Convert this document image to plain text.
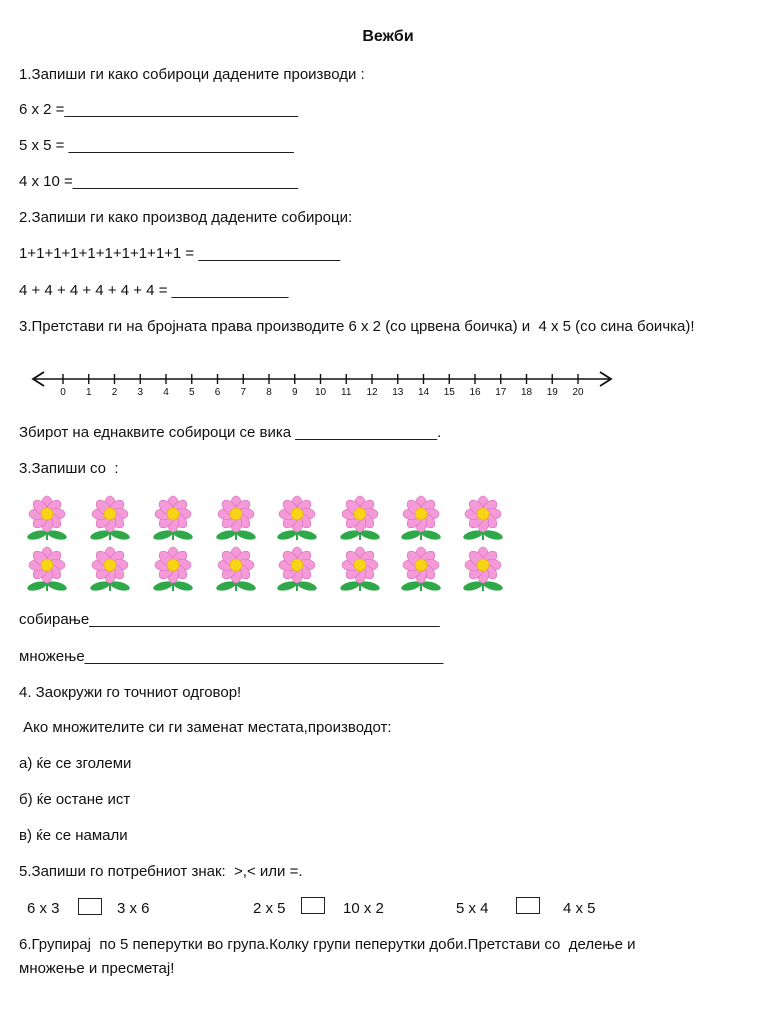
Вежби
1.Запиши ги како собироци дадените производи :
6 x 2 =____________________________
5 x 5 = ___________________________
4 x 10 =___________________________
2.Запиши ги како производ дадените собироци:
1+1+1+1+1+1+1+1+1+1 = _________________
4 + 4 + 4 + 4 + 4 + 4 = ______________
3.Претстави ги на бројната права производите 6 x 2 (со црвена боичка) и  4 x 5 (со сина боичка)!
0 1 2 3 4 5 6 7 8 9 10 11 12 13 14 15 16 17 18 19 20
Збирот на еднаквите собироци се вика _________________.
3.Запиши со  :
собирање__________________________________________
множење___________________________________________
4. Заокружи го точниот одговор!
Ако множителите си ги заменат местата,производот:
а) ќе се зголеми
б) ќе остане ист
в) ќе се намали
5.Запиши го потребниот знак:  >,< или =.
6 x 3	3 x 6	2 x 5	10 x 2	5 x 4	4 x 5
6.Групирај  по 5 пеперутки во група.Колку групи пеперутки доби.Претстави со  делење и
множење и пресметај!
